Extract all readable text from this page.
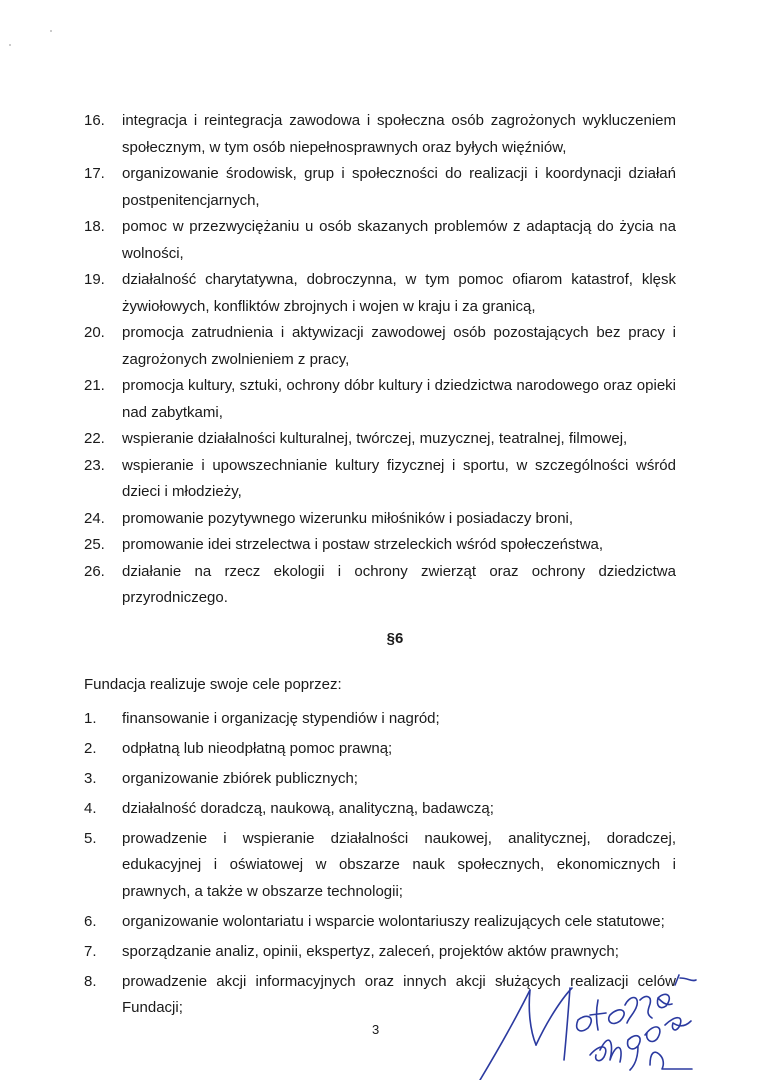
16. integracja i reintegracja zawodowa i społeczna osób zagrożonych wykluczeniem społecznym, w tym osób niepełnosprawnych oraz byłych więźniów,

17. organizowanie środowisk, grup i społeczności do realizacji i koordynacji działań postpenitencjarnych,

18. pomoc w przezwyciężaniu u osób skazanych problemów z adaptacją do życia na wolności,

19. działalność charytatywna, dobroczynna, w tym pomoc ofiarom katastrof, klęsk żywiołowych, konfliktów zbrojnych i wojen w kraju i za granicą,

20. promocja zatrudnienia i aktywizacji zawodowej osób pozostających bez pracy i zagrożonych zwolnieniem z pracy,

21. promocja kultury, sztuki, ochrony dóbr kultury i dziedzictwa narodowego oraz opieki nad zabytkami,

22. wspieranie działalności kulturalnej, twórczej, muzycznej, teatralnej, filmowej,

23. wspieranie i upowszechnianie kultury fizycznej i sportu, w szczególności wśród dzieci i młodzieży,

24. promowanie pozytywnego wizerunku miłośników i posiadaczy broni,

25. promowanie idei strzelectwa i postaw strzeleckich wśród społeczeństwa,

26. działanie na rzecz ekologii i ochrony zwierząt oraz ochrony dziedzictwa przyrodniczego.

§6
Fundacja realizuje swoje cele poprzez:

1. finansowanie i organizację stypendiów i nagród;

2. odpłatną lub nieodpłatną pomoc prawną;

3. organizowanie zbiórek publicznych;

4. działalność doradczą, naukową, analityczną, badawczą;

5. prowadzenie i wspieranie działalności naukowej, analitycznej, doradczej, edukacyjnej i oświatowej w obszarze nauk społecznych, ekonomicznych i prawnych, a także w obszarze technologii;

6. organizowanie wolontariatu i wsparcie wolontariuszy realizujących cele statutowe;

7. sporządzanie analiz, opinii, ekspertyz, zaleceń, projektów aktów prawnych;

8. prowadzenie akcji informacyjnych oraz innych akcji służących realizacji celów Fundacji;

3
